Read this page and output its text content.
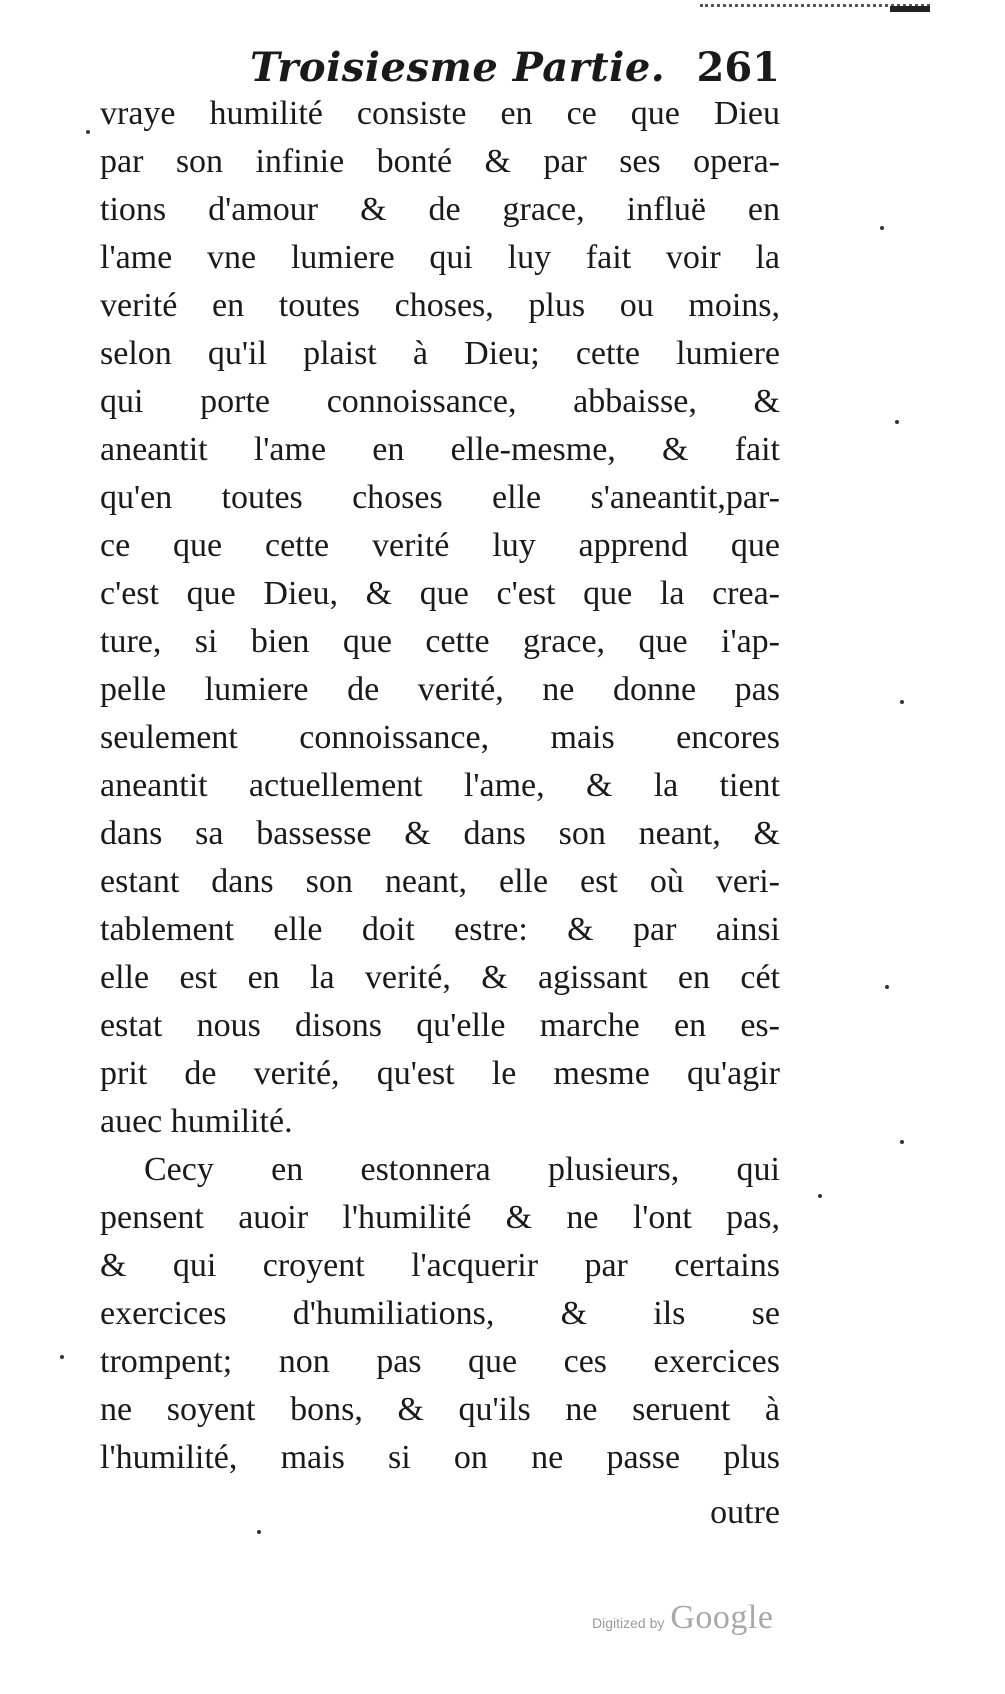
Troisiesme Partie. 261
vraye humilité consiste en ce que Dieu
par son infinie bonté & par ses opera-
tions d'amour & de grace, influë en
l'ame vne lumiere qui luy fait voir la
verité en toutes choses, plus ou moins,
selon qu'il plaist à Dieu; cette lumiere
qui porte connoissance, abbaisse, &
aneantit l'ame en elle-mesme, & fait
qu'en toutes choses elle s'aneantit,par-
ce que cette verité luy apprend que
c'est que Dieu, & que c'est que la crea-
ture, si bien que cette grace, que i'ap-
pelle lumiere de verité, ne donne pas
seulement connoissance, mais encores
aneantit actuellement l'ame, & la tient
dans sa bassesse & dans son neant, &
estant dans son neant, elle est où veri-
tablement elle doit estre: & par ainsi
elle est en la verité, & agissant en cét
estat nous disons qu'elle marche en es-
prit de verité, qu'est le mesme qu'agir
auec humilité.
Cecy en estonnera plusieurs, qui
pensent auoir l'humilité & ne l'ont pas,
& qui croyent l'acquerir par certains
exercices d'humiliations, & ils se
trompent; non pas que ces exercices
ne soyent bons, & qu'ils ne seruent à
l'humilité, mais si on ne passe plus
outre
Digitized by Google
